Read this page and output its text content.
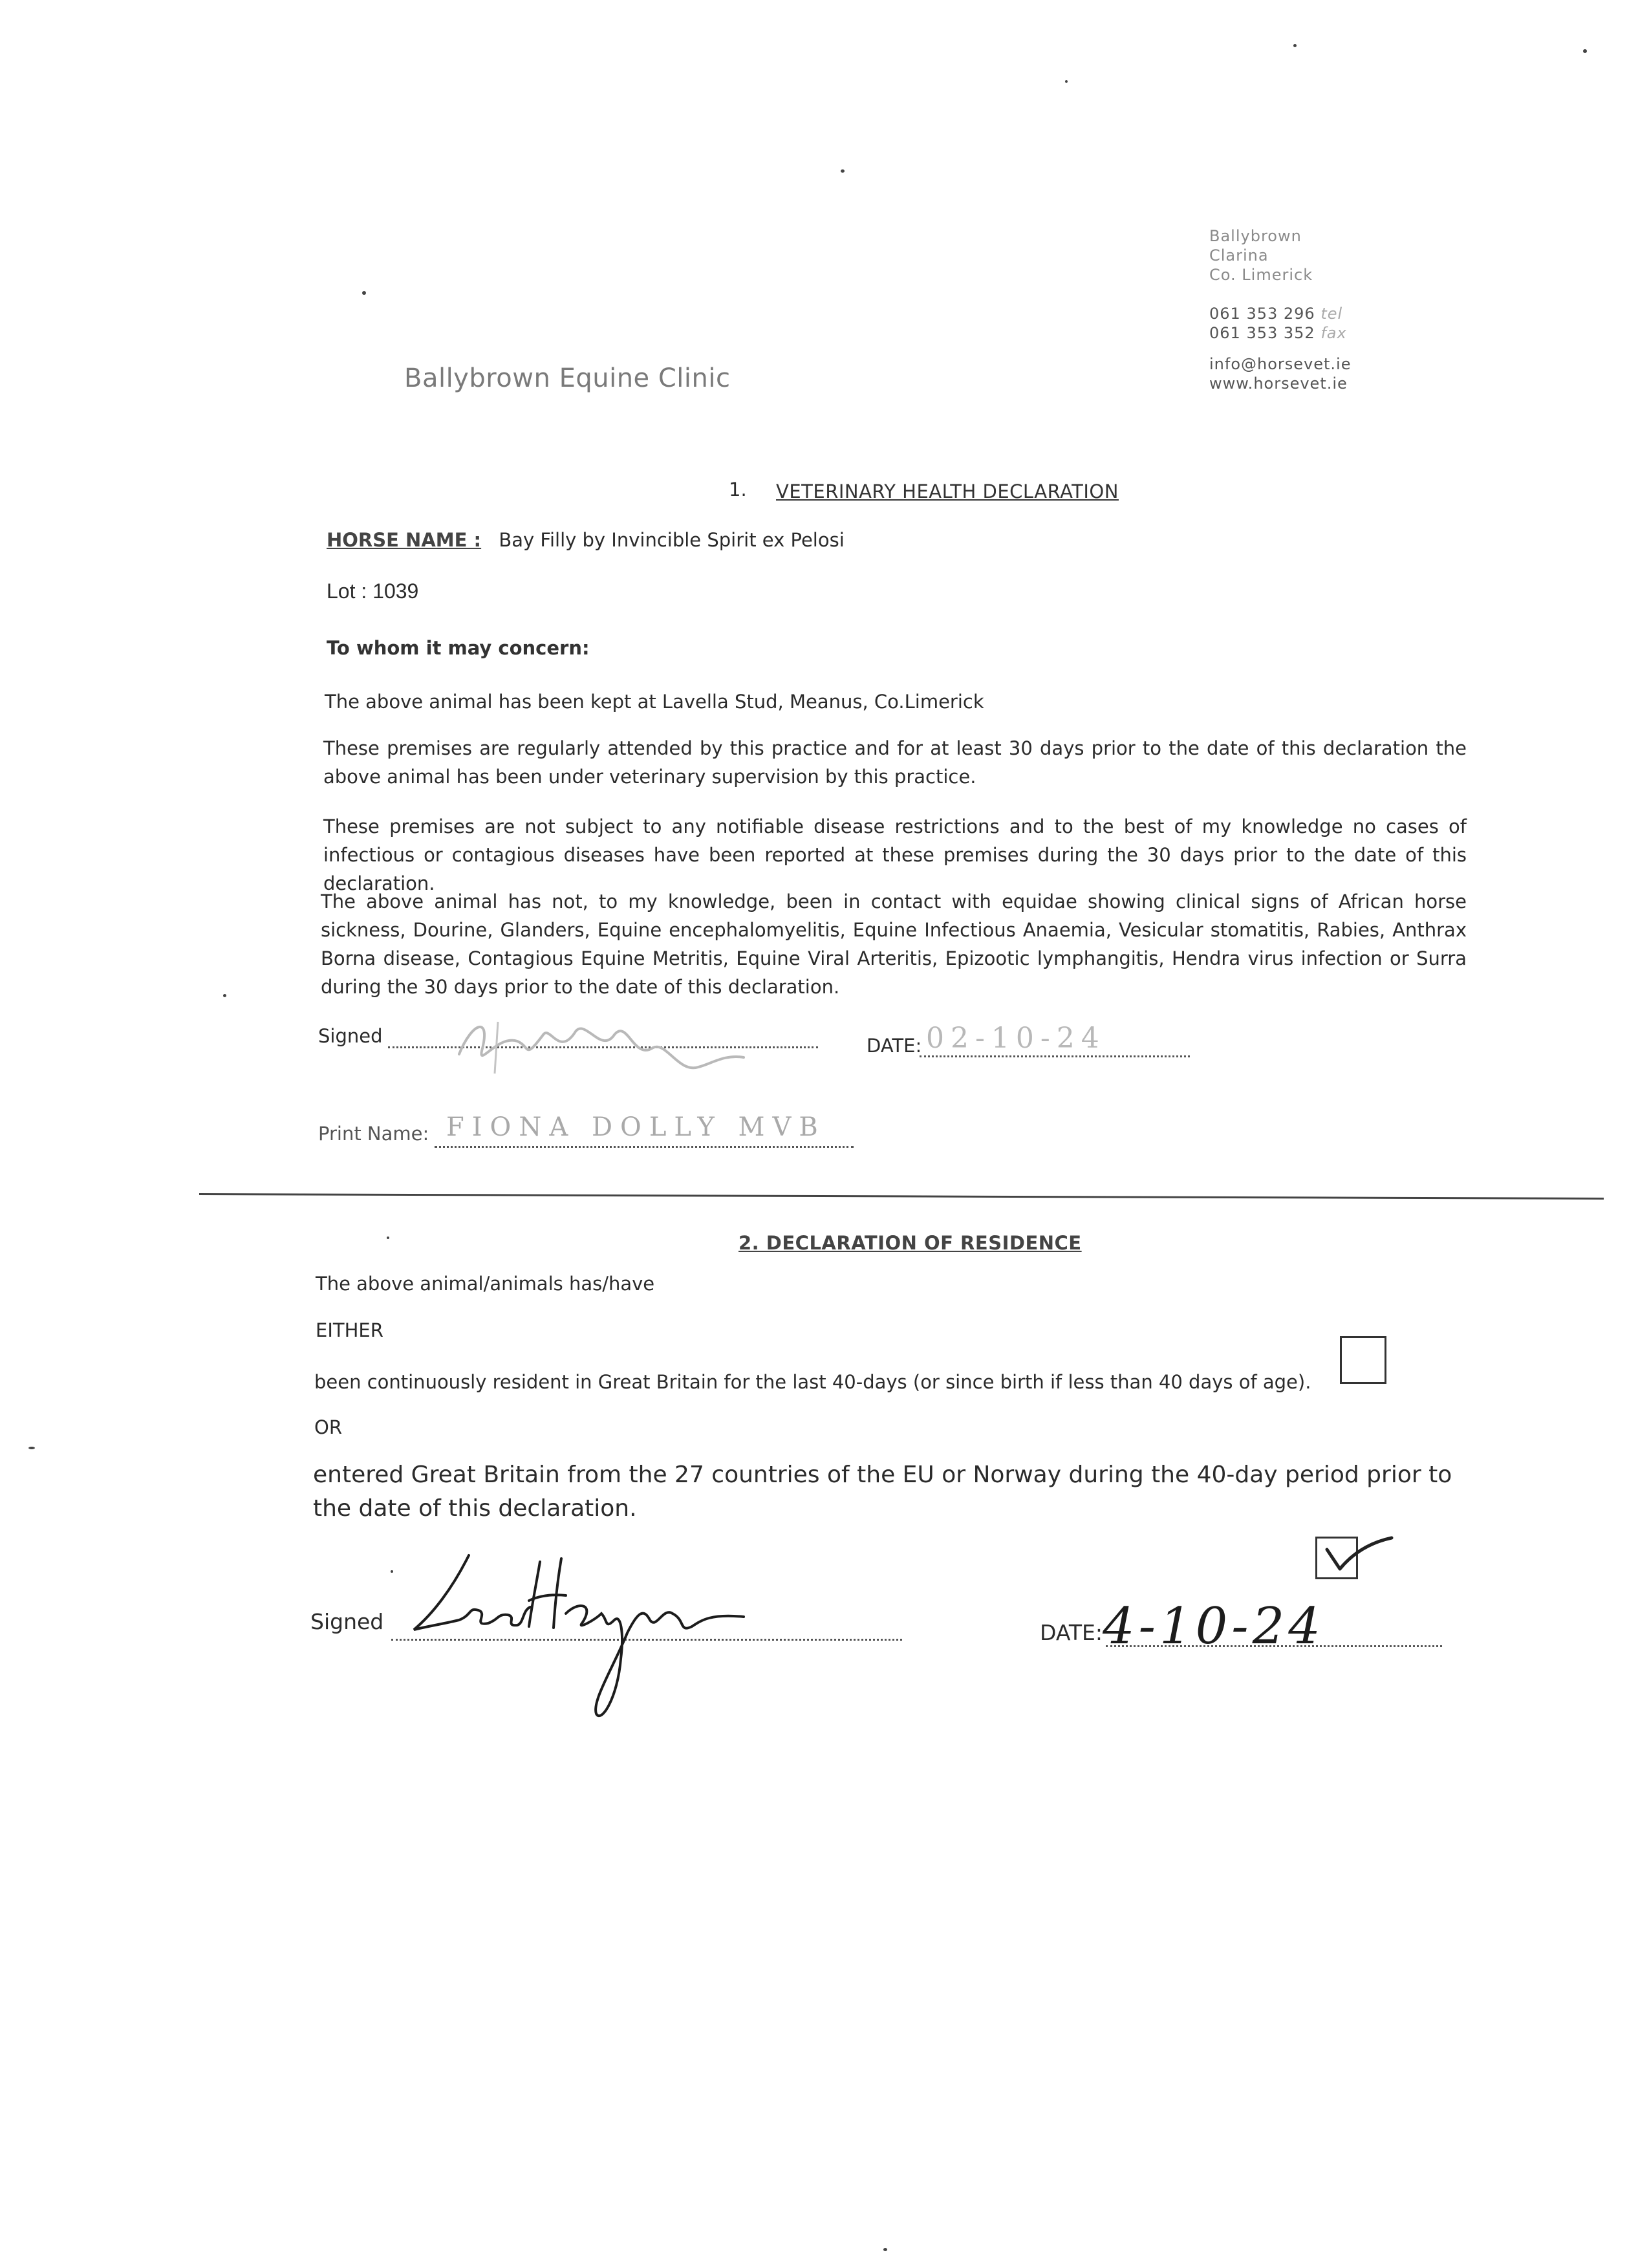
Ballybrown Equine Clinic
Ballybrown
Clarina
Co. Limerick
061 353 296 tel
061 353 352 fax
info@horsevet.ie
www.horsevet.ie
1. VETERINARY HEALTH DECLARATION
HORSE NAME : Bay Filly by Invincible Spirit ex Pelosi
Lot : 1039
To whom it may concern:
The above animal has been kept at Lavella Stud, Meanus, Co.Limerick
These premises are regularly attended by this practice and for at least 30 days prior to the date of this declaration the above animal has been under veterinary supervision by this practice.
These premises are not subject to any notifiable disease restrictions and to the best of my knowledge no cases of infectious or contagious diseases have been reported at these premises during the 30 days prior to the date of this declaration.
The above animal has not, to my knowledge, been in contact with equidae showing clinical signs of African horse sickness, Dourine, Glanders, Equine encephalomyelitis, Equine Infectious Anaemia, Vesicular stomatitis, Rabies, Anthrax Borna disease, Contagious Equine Metritis, Equine Viral Arteritis, Epizootic lymphangitis, Hendra virus infection or Surra during the 30 days prior to the date of this declaration.
Signed	DATE: 02-10-24
Print Name: FIONA DOLLY MVB
2. DECLARATION OF RESIDENCE
The above animal/animals has/have
EITHER
been continuously resident in Great Britain for the last 40-days (or since birth if less than 40 days of age).
OR
entered Great Britain from the 27 countries of the EU or Norway during the 40-day period prior to the date of this declaration.
Signed	DATE: 4-10-24
